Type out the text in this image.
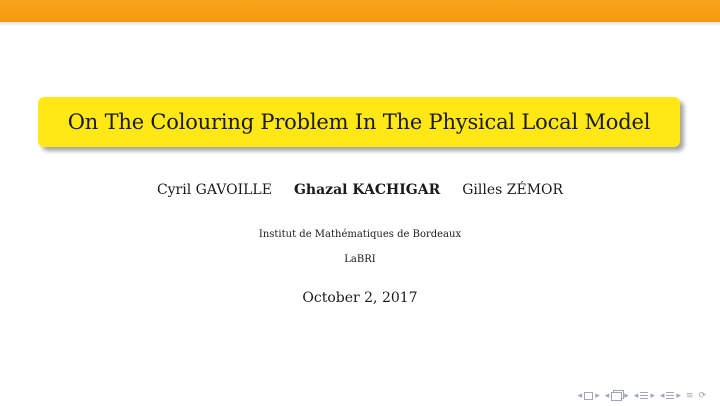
On The Colouring Problem In The Physical Local Model
Cyril GAVOILLE Ghazal KACHIGAR Gilles ZÉMOR
Institut de Mathématiques de Bordeaux
LaBRI
October 2, 2017
◂ ▸ ◂ ▸ ◂ ▸ ◂ ▸ ≡ ⟳
